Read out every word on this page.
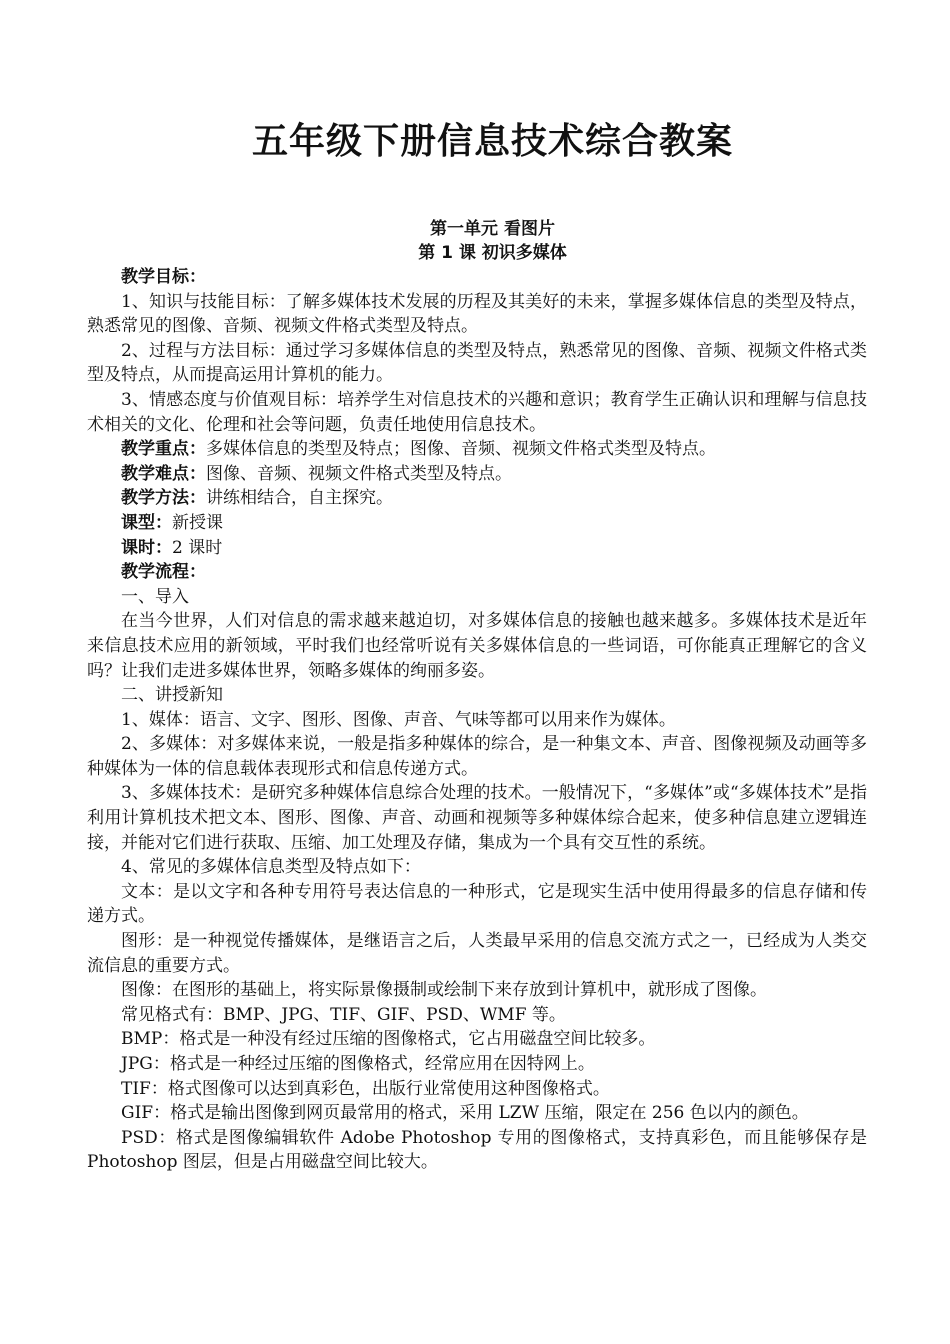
五年级下册信息技术综合教案
第一单元 看图片
第 1 课 初识多媒体

教学目标：

1、知识与技能目标：了解多媒体技术发展的历程及其美好的未来，掌握多媒体信息的类型及特点，熟悉常见的图像、音频、视频文件格式类型及特点。

2、过程与方法目标：通过学习多媒体信息的类型及特点，熟悉常见的图像、音频、视频文件格式类型及特点，从而提高运用计算机的能力。

3、情感态度与价值观目标：培养学生对信息技术的兴趣和意识；教育学生正确认识和理解与信息技术相关的文化、伦理和社会等问题，负责任地使用信息技术。

教学重点：多媒体信息的类型及特点；图像、音频、视频文件格式类型及特点。

教学难点：图像、音频、视频文件格式类型及特点。

教学方法：讲练相结合，自主探究。

课型：新授课

课时：2 课时

教学流程：

一、导入

在当今世界，人们对信息的需求越来越迫切，对多媒体信息的接触也越来越多。多媒体技术是近年来信息技术应用的新领域，平时我们也经常听说有关多媒体信息的一些词语，可你能真正理解它的含义吗？让我们走进多媒体世界，领略多媒体的绚丽多姿。

二、讲授新知

1、媒体：语言、文字、图形、图像、声音、气味等都可以用来作为媒体。

2、多媒体：对多媒体来说，一般是指多种媒体的综合，是一种集文本、声音、图像视频及动画等多种媒体为一体的信息载体表现形式和信息传递方式。

3、多媒体技术：是研究多种媒体信息综合处理的技术。一般情况下，“多媒体”或“多媒体技术”是指利用计算机技术把文本、图形、图像、声音、动画和视频等多种媒体综合起来，使多种信息建立逻辑连接，并能对它们进行获取、压缩、加工处理及存储，集成为一个具有交互性的系统。

4、常见的多媒体信息类型及特点如下：

文本：是以文字和各种专用符号表达信息的一种形式，它是现实生活中使用得最多的信息存储和传递方式。

图形：是一种视觉传播媒体，是继语言之后，人类最早采用的信息交流方式之一，已经成为人类交流信息的重要方式。

图像：在图形的基础上，将实际景像摄制或绘制下来存放到计算机中，就形成了图像。

常见格式有：BMP、JPG、TIF、GIF、PSD、WMF 等。

BMP：格式是一种没有经过压缩的图像格式，它占用磁盘空间比较多。

JPG：格式是一种经过压缩的图像格式，经常应用在因特网上。

TIF：格式图像可以达到真彩色，出版行业常使用这种图像格式。

GIF：格式是输出图像到网页最常用的格式，采用 LZW 压缩，限定在 256 色以内的颜色。

PSD：格式是图像编辑软件 Adobe Photoshop 专用的图像格式，支持真彩色，而且能够保存是 Photoshop 图层，但是占用磁盘空间比较大。
